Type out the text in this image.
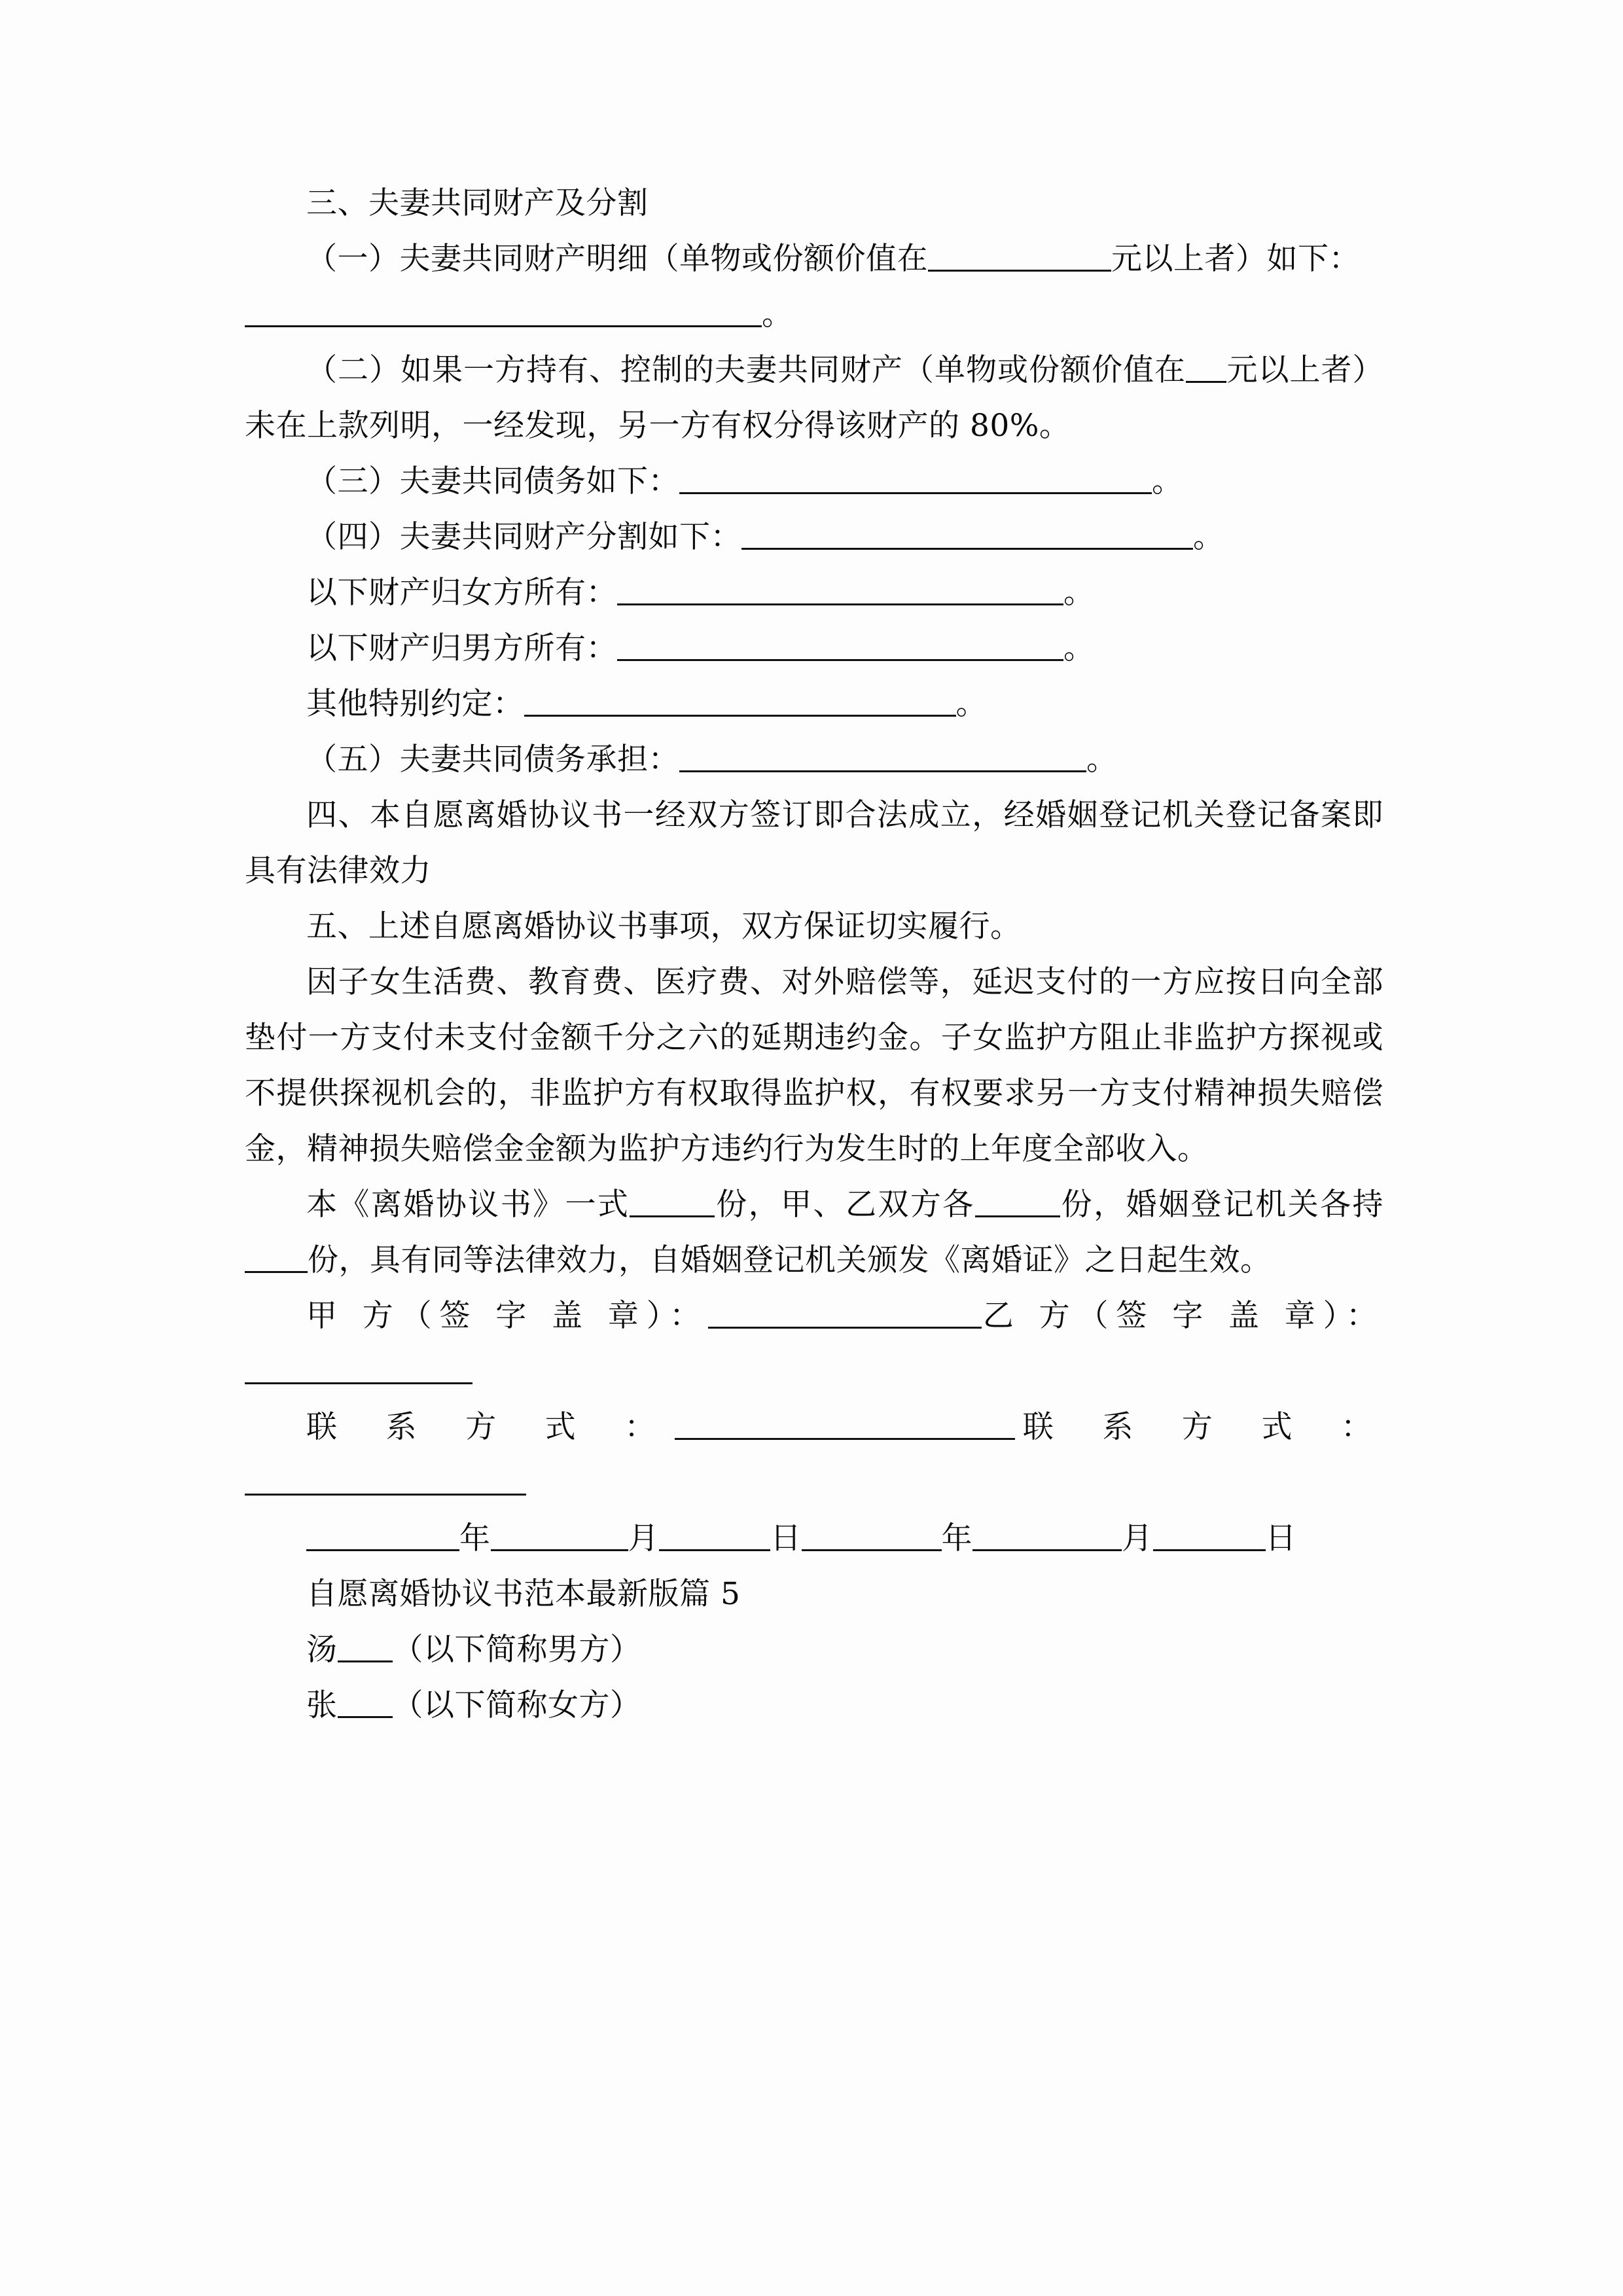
三、夫妻共同财产及分割

（一）夫妻共同财产明细（单物或份额价值在	元以上者）如下：

。

（二）如果一方持有、控制的夫妻共同财产（单物或份额价值在 元以上者）未在上款列明，一经发现，另一方有权分得该财产的 80%。

（三）夫妻共同债务如下：	。

（四）夫妻共同财产分割如下：	。

以下财产归女方所有：	。

以下财产归男方所有：	。

其他特别约定：	。

（五）夫妻共同债务承担：	。

四、本自愿离婚协议书一经双方签订即合法成立，经婚姻登记机关登记备案即具有法律效力

五、上述自愿离婚协议书事项，双方保证切实履行。

因子女生活费、教育费、医疗费、对外赔偿等，延迟支付的一方应按日向全部垫付一方支付未支付金额千分之六的延期违约金。子女监护方阻止非监护方探视或不提供探视机会的，非监护方有权取得监护权，有权要求另一方支付精神损失赔偿金，精神损失赔偿金金额为监护方违约行为发生时的上年度全部收入。

本《离婚协议书》一式	份，甲、乙双方各	份，婚姻登记机关各持份，具有同等法律效力，自婚姻登记机关颁发《离婚证》之日起生效。

甲 方（签 字 盖 章）：	乙 方（签 字 盖 章）：

联 系 方 式 ：	联 系 方 式 ：

年	月	日	年	月	日

自愿离婚协议书范本最新版篇 5

汤 （以下简称男方）

张 （以下简称女方）
